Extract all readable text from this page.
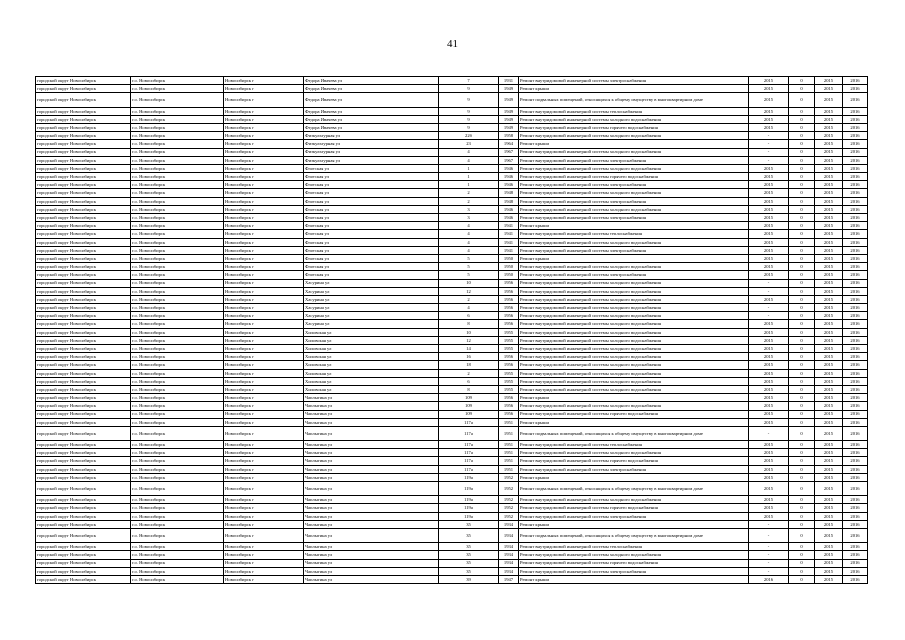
41
городской округ Новосибирск	г.о. Новосибирск	Новосибирск г	Федора Ивачева ул	7	1931	Ремонт внутридомовой инженерной системы электроснабжения	2015	0	2015	2016
городской округ Новосибирск	г.о. Новосибирск	Новосибирск г	Федора Ивачева ул	9	1949	Ремонт крыши	2015	0	2015	2016
городской округ Новосибирск	г.о. Новосибирск	Новосибирск г	Федора Ивачева ул	9	1949	Ремонт подвальных помещений, относящихся к общему имуществу в многоквартирном доме	2015	0	2015	2016
городской округ Новосибирск	г.о. Новосибирск	Новосибирск г	Федора Ивачева ул	9	1949	Ремонт внутридомовой инженерной системы теплоснабжения	2015	0	2015	2016
городской округ Новосибирск	г.о. Новосибирск	Новосибирск г	Федора Ивачева ул	9	1949	Ремонт внутридомовой инженерной системы холодного водоснабжения	2015	0	2015	2016
городской округ Новосибирск	г.о. Новосибирск	Новосибирск г	Федора Ивачева ул	9	1949	Ремонт внутридомовой инженерной системы горячего водоснабжения	2015	0	2015	2016
городской округ Новосибирск	г.о. Новосибирск	Новосибирск г	Физкультурная ул	22б	1958	Ремонт внутридомовой инженерной системы холодного водоснабжения	-	0	2015	2016
городской округ Новосибирск	г.о. Новосибирск	Новосибирск г	Физкультурная ул	23	1964	Ремонт крыши	-	0	2015	2016
городской округ Новосибирск	г.о. Новосибирск	Новосибирск г	Физкультурная ул	4	1967	Ремонт внутридомовой инженерной системы холодного водоснабжения	-	0	2015	2016
городской округ Новосибирск	г.о. Новосибирск	Новосибирск г	Физкультурная ул	4	1967	Ремонт внутридомовой инженерной системы электроснабжения	-	0	2015	2016
городской округ Новосибирск	г.о. Новосибирск	Новосибирск г	Флотская ул	1	1946	Ремонт внутридомовой инженерной системы холодного водоснабжения	2015	0	2015	2016
городской округ Новосибирск	г.о. Новосибирск	Новосибирск г	Флотская ул	1	1946	Ремонт внутридомовой инженерной системы горячего водоснабжения	2015	0	2015	2016
городской округ Новосибирск	г.о. Новосибирск	Новосибирск г	Флотская ул	1	1946	Ремонт внутридомовой инженерной системы электроснабжения	2015	0	2015	2016
городской округ Новосибирск	г.о. Новосибирск	Новосибирск г	Флотская ул	2	1948	Ремонт внутридомовой инженерной системы холодного водоснабжения	2015	0	2015	2016
городской округ Новосибирск	г.о. Новосибирск	Новосибирск г	Флотская ул	2	1948	Ремонт внутридомовой инженерной системы электроснабжения	2015	0	2015	2016
городской округ Новосибирск	г.о. Новосибирск	Новосибирск г	Флотская ул	3	1946	Ремонт внутридомовой инженерной системы холодного водоснабжения	2015	0	2015	2016
городской округ Новосибирск	г.о. Новосибирск	Новосибирск г	Флотская ул	3	1946	Ремонт внутридомовой инженерной системы электроснабжения	2015	0	2015	2016
городской округ Новосибирск	г.о. Новосибирск	Новосибирск г	Флотская ул	4	1941	Ремонт крыши	2015	0	2015	2016
городской округ Новосибирск	г.о. Новосибирск	Новосибирск г	Флотская ул	4	1941	Ремонт внутридомовой инженерной системы теплоснабжения	2015	0	2015	2016
городской округ Новосибирск	г.о. Новосибирск	Новосибирск г	Флотская ул	4	1941	Ремонт внутридомовой инженерной системы холодного водоснабжения	2015	0	2015	2016
городской округ Новосибирск	г.о. Новосибирск	Новосибирск г	Флотская ул	4	1941	Ремонт внутридомовой инженерной системы электроснабжения	2015	0	2015	2016
городской округ Новосибирск	г.о. Новосибирск	Новосибирск г	Флотская ул	5	1950	Ремонт крыши	2015	0	2015	2016
городской округ Новосибирск	г.о. Новосибирск	Новосибирск г	Флотская ул	5	1950	Ремонт внутридомовой инженерной системы холодного водоснабжения	2015	0	2015	2016
городской округ Новосибирск	г.о. Новосибирск	Новосибирск г	Флотская ул	5	1950	Ремонт внутридомовой инженерной системы электроснабжения	2015	0	2015	2016
городской округ Новосибирск	г.о. Новосибирск	Новосибирск г	Хасурина ул	10	1956	Ремонт внутридомовой инженерной системы холодного водоснабжения	-	0	2015	2016
городской округ Новосибирск	г.о. Новосибирск	Новосибирск г	Хасурина ул	12	1956	Ремонт внутридомовой инженерной системы холодного водоснабжения	-	0	2015	2016
городской округ Новосибирск	г.о. Новосибирск	Новосибирск г	Хасурина ул	2	1956	Ремонт внутридомовой инженерной системы холодного водоснабжения	2015	0	2015	2016
городской округ Новосибирск	г.о. Новосибирск	Новосибирск г	Хасурина ул	4	1956	Ремонт внутридомовой инженерной системы холодного водоснабжения	-	0	2015	2016
городской округ Новосибирск	г.о. Новосибирск	Новосибирск г	Хасурина ул	6	1956	Ремонт внутридомовой инженерной системы холодного водоснабжения	-	0	2015	2016
городской округ Новосибирск	г.о. Новосибирск	Новосибирск г	Хасурина ул	8	1956	Ремонт внутридомовой инженерной системы холодного водоснабжения	2015	0	2015	2016
городской округ Новосибирск	г.о. Новосибирск	Новосибирск г	Хиловская ул	10	1955	Ремонт внутридомовой инженерной системы холодного водоснабжения	2015	0	2015	2016
городской округ Новосибирск	г.о. Новосибирск	Новосибирск г	Хиловская ул	12	1955	Ремонт внутридомовой инженерной системы холодного водоснабжения	2015	0	2015	2016
городской округ Новосибирск	г.о. Новосибирск	Новосибирск г	Хиловская ул	14	1955	Ремонт внутридомовой инженерной системы холодного водоснабжения	2015	0	2015	2016
городской округ Новосибирск	г.о. Новосибирск	Новосибирск г	Хиловская ул	16	1956	Ремонт внутридомовой инженерной системы холодного водоснабжения	2015	0	2015	2016
городской округ Новосибирск	г.о. Новосибирск	Новосибирск г	Хиловская ул	18	1956	Ремонт внутридомовой инженерной системы холодного водоснабжения	2015	0	2015	2016
городской округ Новосибирск	г.о. Новосибирск	Новосибирск г	Хиловская ул	2	1955	Ремонт внутридомовой инженерной системы холодного водоснабжения	2015	0	2015	2016
городской округ Новосибирск	г.о. Новосибирск	Новосибирск г	Хиловская ул	6	1955	Ремонт внутридомовой инженерной системы холодного водоснабжения	2015	0	2015	2016
городской округ Новосибирск	г.о. Новосибирск	Новосибирск г	Хиловская ул	8	1955	Ремонт внутридомовой инженерной системы холодного водоснабжения	2015	0	2015	2016
городской округ Новосибирск	г.о. Новосибирск	Новосибирск г	Чаплыгина ул	109	1956	Ремонт крыши	2015	0	2015	2016
городской округ Новосибирск	г.о. Новосибирск	Новосибирск г	Чаплыгина ул	109	1956	Ремонт внутридомовой инженерной системы холодного водоснабжения	2015	0	2015	2016
городской округ Новосибирск	г.о. Новосибирск	Новосибирск г	Чаплыгина ул	109	1956	Ремонт внутридомовой инженерной системы горячего водоснабжения	2015	0	2015	2016
городской округ Новосибирск	г.о. Новосибирск	Новосибирск г	Чаплыгина ул	117а	1951	Ремонт крыши	2015	0	2015	2016
городской округ Новосибирск	г.о. Новосибирск	Новосибирск г	Чаплыгина ул	117а	1951	Ремонт подвальных помещений, относящихся к общему имуществу в многоквартирном доме	-	0	2015	2016
городской округ Новосибирск	г.о. Новосибирск	Новосибирск г	Чаплыгина ул	117а	1951	Ремонт внутридомовой инженерной системы теплоснабжения	2015	0	2015	2016
городской округ Новосибирск	г.о. Новосибирск	Новосибирск г	Чаплыгина ул	117а	1951	Ремонт внутридомовой инженерной системы холодного водоснабжения	2015	0	2015	2016
городской округ Новосибирск	г.о. Новосибирск	Новосибирск г	Чаплыгина ул	117а	1951	Ремонт внутридомовой инженерной системы горячего водоснабжения	2015	0	2015	2016
городской округ Новосибирск	г.о. Новосибирск	Новосибирск г	Чаплыгина ул	117а	1951	Ремонт внутридомовой инженерной системы электроснабжения	2015	0	2015	2016
городской округ Новосибирск	г.о. Новосибирск	Новосибирск г	Чаплыгина ул	119а	1952	Ремонт крыши	2015	0	2015	2016
городской округ Новосибирск	г.о. Новосибирск	Новосибирск г	Чаплыгина ул	119а	1952	Ремонт подвальных помещений, относящихся к общему имуществу в многоквартирном доме	2015	0	2015	2016
городской округ Новосибирск	г.о. Новосибирск	Новосибирск г	Чаплыгина ул	119а	1952	Ремонт внутридомовой инженерной системы холодного водоснабжения	2015	0	2015	2016
городской округ Новосибирск	г.о. Новосибирск	Новосибирск г	Чаплыгина ул	119а	1952	Ремонт внутридомовой инженерной системы горячего водоснабжения	2015	0	2015	2016
городской округ Новосибирск	г.о. Новосибирск	Новосибирск г	Чаплыгина ул	119а	1952	Ремонт внутридомовой инженерной системы электроснабжения	2015	0	2015	2016
городской округ Новосибирск	г.о. Новосибирск	Новосибирск г	Чаплыгина ул	35	1934	Ремонт крыши	-	0	2015	2016
городской округ Новосибирск	г.о. Новосибирск	Новосибирск г	Чаплыгина ул	35	1934	Ремонт подвальных помещений, относящихся к общему имуществу в многоквартирном доме	-	0	2015	2016
городской округ Новосибирск	г.о. Новосибирск	Новосибирск г	Чаплыгина ул	35	1934	Ремонт внутридомовой инженерной системы теплоснабжения	-	0	2015	2016
городской округ Новосибирск	г.о. Новосибирск	Новосибирск г	Чаплыгина ул	35	1934	Ремонт внутридомовой инженерной системы холодного водоснабжения	-	0	2015	2016
городской округ Новосибирск	г.о. Новосибирск	Новосибирск г	Чаплыгина ул	35	1934	Ремонт внутридомовой инженерной системы горячего водоснабжения	-	0	2015	2016
городской округ Новосибирск	г.о. Новосибирск	Новосибирск г	Чаплыгина ул	35	1934	Ремонт внутридомовой инженерной системы электроснабжения	-	0	2015	2016
городской округ Новосибирск	г.о. Новосибирск	Новосибирск г	Чаплыгина ул	39	1947	Ремонт крыши	2016	0	2015	2016
